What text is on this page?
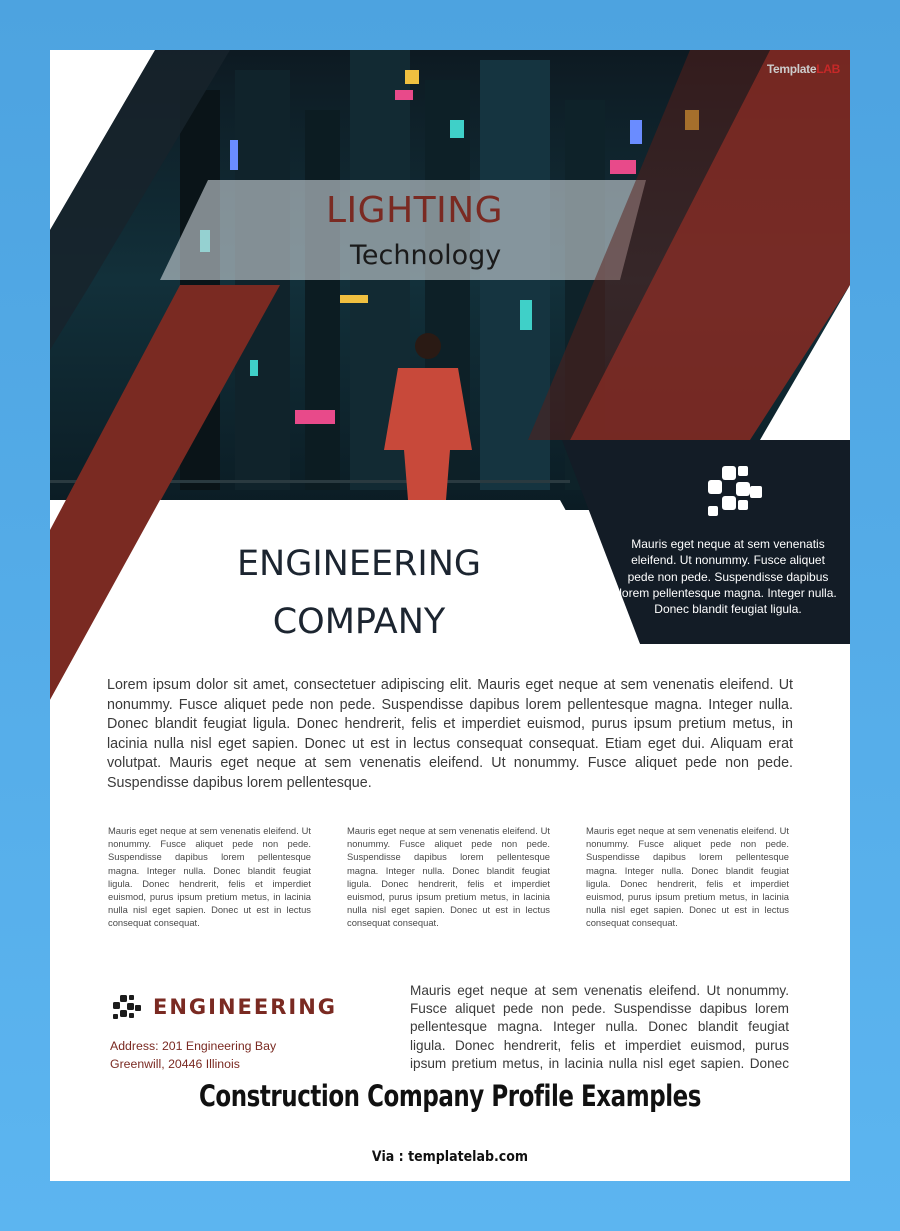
TemplateLAB
LIGHTING
Technology
ENGINEERING
COMPANY
Mauris eget neque at sem venenatis eleifend. Ut nonummy. Fusce aliquet pede non pede. Suspendisse dapibus lorem pellentesque magna. Integer nulla. Donec blandit feugiat ligula.
Lorem ipsum dolor sit amet, consectetuer adipiscing elit. Mauris eget neque at sem venenatis eleifend. Ut nonummy. Fusce aliquet pede non pede. Suspendisse dapibus lorem pellentesque magna. Integer nulla. Donec blandit feugiat ligula. Donec hendrerit, felis et imperdiet euismod, purus ipsum pretium metus, in lacinia nulla nisl eget sapien. Donec ut est in lectus consequat consequat. Etiam eget dui. Aliquam erat volutpat. Mauris eget neque at sem venenatis eleifend. Ut nonummy. Fusce aliquet pede non pede. Suspendisse dapibus lorem pellentesque.
Mauris eget neque at sem venenatis eleifend. Ut nonummy. Fusce aliquet pede non pede. Suspendisse dapibus lorem pellentesque magna. Integer nulla. Donec blandit feugiat ligula. Donec hendrerit, felis et imperdiet euismod, purus ipsum pretium metus, in lacinia nulla nisl eget sapien. Donec ut est in lectus consequat consequat.
Mauris eget neque at sem venenatis eleifend. Ut nonummy. Fusce aliquet pede non pede. Suspendisse dapibus lorem pellentesque magna. Integer nulla. Donec blandit feugiat ligula. Donec hendrerit, felis et imperdiet euismod, purus ipsum pretium metus, in lacinia nulla nisl eget sapien. Donec ut est in lectus consequat consequat.
Mauris eget neque at sem venenatis eleifend. Ut nonummy. Fusce aliquet pede non pede. Suspendisse dapibus lorem pellentesque magna. Integer nulla. Donec blandit feugiat ligula. Donec hendrerit, felis et imperdiet euismod, purus ipsum pretium metus, in lacinia nulla nisl eget sapien. Donec ut est in lectus consequat consequat.
ENGINEERING
Address: 201 Engineering Bay
Greenwill, 20446 Illinois
Mauris eget neque at sem venenatis eleifend. Ut nonummy. Fusce aliquet pede non pede. Suspendisse dapibus lorem pellentesque magna. Integer nulla. Donec blandit feugiat ligula. Donec hendrerit, felis et imperdiet euismod, purus ipsum pretium metus, in lacinia nulla nisl eget sapien. Donec
Construction Company Profile Examples
Via : templatelab.com
